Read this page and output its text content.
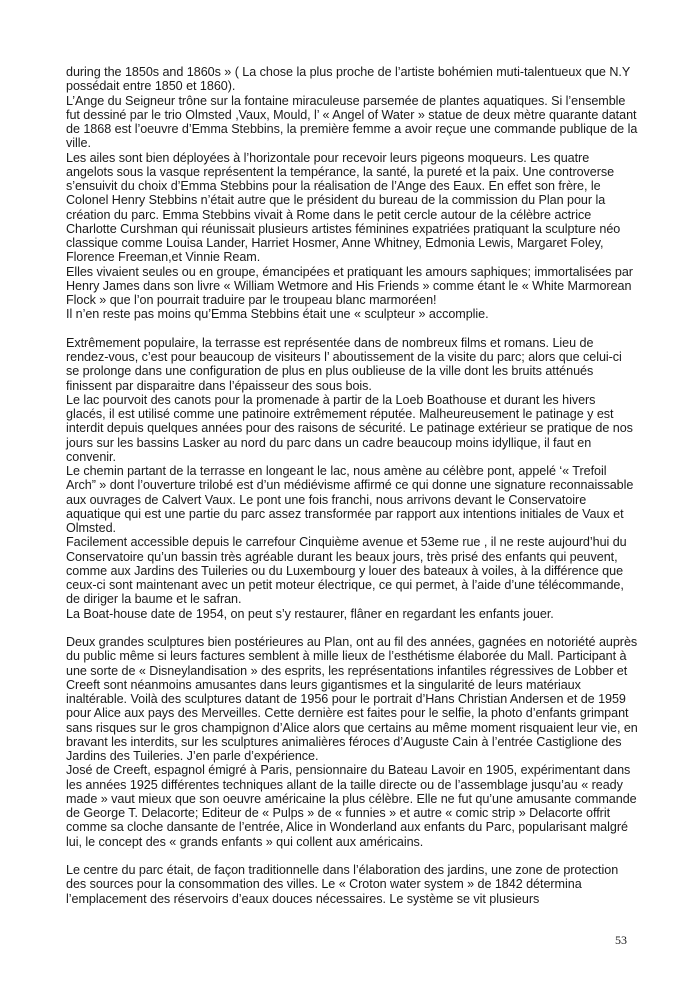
during the 1850s and 1860s » ( La chose la plus proche de l’artiste bohémien muti-talentueux que N.Y possédait entre 1850 et 1860).

L’Ange du Seigneur trône sur la fontaine miraculeuse parsemée de plantes aquatiques. Si l’ensemble fut dessiné par le trio Olmsted ,Vaux, Mould, l’ « Angel of Water » statue de deux mètre quarante datant de 1868 est l’oeuvre d’Emma Stebbins, la première femme a avoir reçue une commande publique de la ville.

Les ailes sont bien déployées à l’horizontale pour recevoir leurs pigeons moqueurs. Les quatre angelots sous la vasque représentent la tempérance, la santé, la pureté et la paix. Une controverse s’ensuivit du choix d’Emma Stebbins pour la réalisation de l’Ange des Eaux. En effet son frère, le Colonel Henry Stebbins n’était autre que le président du bureau de la commission du Plan pour la création du parc. Emma Stebbins vivait à Rome dans le petit cercle autour de la célèbre actrice Charlotte Curshman qui réunissait plusieurs artistes féminines expatriées pratiquant la sculpture néo classique comme Louisa Lander, Harriet Hosmer, Anne Whitney, Edmonia Lewis, Margaret Foley, Florence Freeman,et Vinnie Ream.

Elles vivaient seules ou en groupe, émancipées et pratiquant les amours saphiques; immortalisées par Henry James dans son livre « William Wetmore and His Friends » comme étant le « White Marmorean Flock » que l’on pourrait traduire par le troupeau blanc marmoréen!

Il n’en reste pas moins qu’Emma Stebbins était une « sculpteur » accomplie.

Extrêmement populaire, la terrasse est représentée dans de nombreux films et romans. Lieu de rendez-vous, c’est pour beaucoup de visiteurs l’ aboutissement de la visite du parc; alors que celui-ci se prolonge dans une configuration de plus en plus oublieuse de la ville dont les bruits atténués finissent par disparaitre dans l’épaisseur des sous bois.

Le lac pourvoit des canots pour la promenade à partir de la Loeb Boathouse et durant les hivers glacés, il est utilisé comme une patinoire extrêmement réputée. Malheureusement le patinage y est interdit depuis quelques années pour des raisons de sécurité. Le patinage extérieur se pratique de nos jours sur les bassins Lasker au nord du parc dans un cadre beaucoup moins idyllique, il faut en convenir.

Le chemin partant de la terrasse en longeant le lac, nous amène au célèbre pont, appelé ‘« Trefoil Arch” » dont l’ouverture trilobé est d’un médiévisme affirmé ce qui donne une signature reconnaissable aux ouvrages de Calvert Vaux. Le pont une fois franchi, nous arrivons devant le Conservatoire aquatique qui est une partie du parc assez transformée par rapport aux intentions initiales de Vaux et Olmsted.

Facilement accessible depuis le carrefour Cinquième avenue et 53eme rue , il ne reste aujourd’hui du Conservatoire qu’un bassin très agréable durant les beaux jours, très prisé des enfants qui peuvent, comme aux Jardins des Tuileries ou du Luxembourg y louer des bateaux à voiles, à la différence que ceux-ci sont maintenant avec un petit moteur électrique, ce qui permet, à l’aide d’une télécommande, de diriger la baume et le safran.

La Boat-house date de 1954, on peut s’y restaurer, flâner en regardant les enfants jouer.

Deux grandes sculptures bien postérieures au Plan, ont au fil des années, gagnées en notoriété auprès du public même si leurs factures semblent à mille lieux de l’esthétisme élaborée du Mall. Participant à une sorte de « Disneylandisation » des esprits, les représentations infantiles régressives de Lobber et Creeft sont néanmoins amusantes dans leurs gigantismes et la singularité de leurs matériaux inaltérable. Voilà des sculptures datant de 1956 pour le portrait d’Hans Christian Andersen et de 1959 pour Alice aux pays des Merveilles. Cette dernière est faites pour le selfie, la photo d’enfants grimpant sans risques sur le gros champignon d’Alice alors que certains au même moment risquaient leur vie, en bravant les interdits, sur les sculptures animalières féroces d’Auguste Cain à l’entrée Castiglione des Jardins des Tuileries. J’en parle d’expérience.

José de Creeft, espagnol émigré à Paris, pensionnaire du Bateau Lavoir en 1905, expérimentant dans les années 1925 différentes techniques allant de la taille directe ou de l’assemblage jusqu’au « ready made » vaut mieux que son oeuvre américaine la plus célèbre. Elle ne fut qu’une amusante commande de George T. Delacorte; Editeur de « Pulps » de « funnies » et autre « comic strip » Delacorte offrit comme sa cloche dansante de l’entrée, Alice in Wonderland aux enfants du Parc, popularisant malgré lui, le concept des « grands enfants » qui collent aux américains.

Le centre du parc était, de façon traditionnelle dans l’élaboration des jardins, une zone de protection des sources pour la consommation des villes. Le « Croton water system » de 1842 détermina l’emplacement des réservoirs d’eaux douces nécessaires. Le système se vit plusieurs

53
